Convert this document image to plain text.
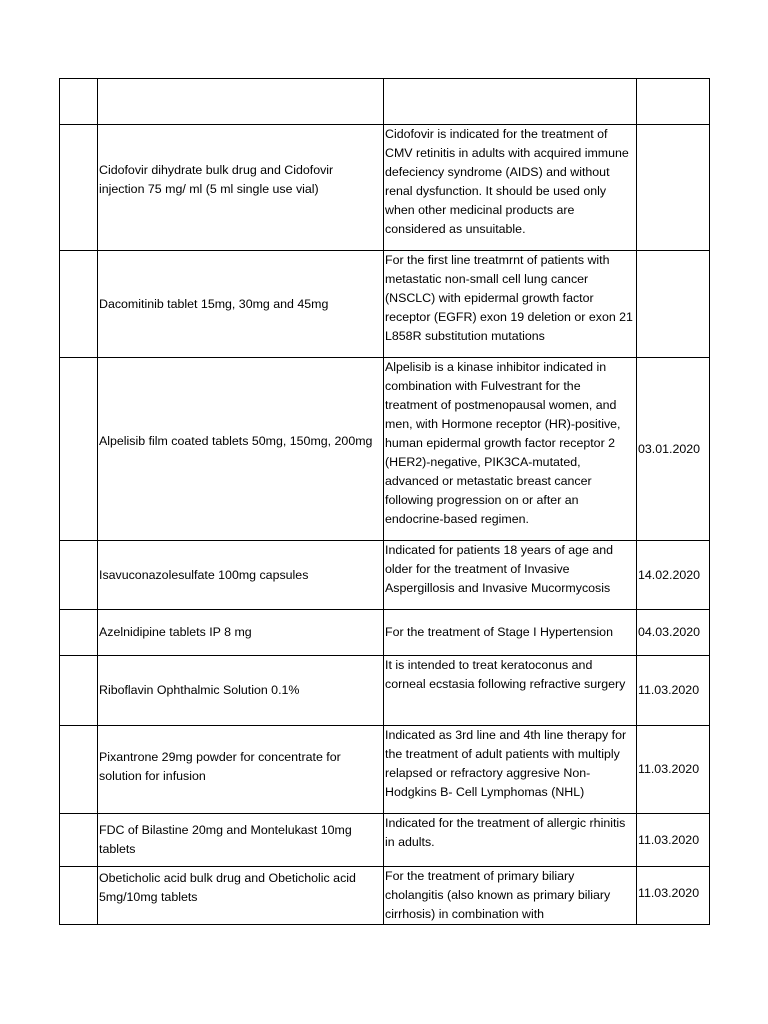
	Cidofovir dihydrate bulk drug and Cidofovir injection 75 mg/ ml (5 ml single use vial)	Cidofovir is indicated for the treatment of CMV retinitis in adults with acquired immune defeciency syndrome (AIDS) and without renal dysfunction. It should be used only when other medicinal products are considered as unsuitable.	
	Dacomitinib tablet 15mg, 30mg and 45mg	For the first line treatmrnt of patients with metastatic non-small cell lung cancer (NSCLC) with epidermal growth factor receptor (EGFR) exon 19 deletion or exon 21 L858R substitution mutations	

	Alpelisib film coated tablets 50mg, 150mg, 200mg	Alpelisib is a kinase inhibitor indicated in combination with Fulvestrant for the treatment of postmenopausal women, and men, with Hormone receptor (HR)-positive, human epidermal growth factor receptor 2 (HER2)-negative, PIK3CA-mutated, advanced or metastatic breast cancer following progression on or after an endocrine-based regimen.	03.01.2020
	Isavuconazolesulfate 100mg capsules	Indicated for patients 18 years of age and older for the treatment of Invasive Aspergillosis and Invasive Mucormycosis	14.02.2020
	Azelnidipine tablets IP 8 mg	For the treatment of Stage I Hypertension	04.03.2020
	Riboflavin Ophthalmic Solution 0.1%	It is intended to treat keratoconus and corneal ecstasia following refractive surgery	11.03.2020

	Pixantrone 29mg powder for concentrate for solution for infusion	Indicated as 3rd line and 4th line therapy for the treatment of adult patients with multiply relapsed or refractory aggresive Non-Hodgkins B- Cell Lymphomas (NHL)	11.03.2020
	FDC of Bilastine 20mg and Montelukast 10mg tablets	Indicated for the treatment of allergic rhinitis in adults.	11.03.2020

	Obeticholic acid bulk drug and Obeticholic acid 5mg/10mg tablets	For the treatment of primary biliary cholangitis (also known as primary biliary cirrhosis) in combination with	11.03.2020
